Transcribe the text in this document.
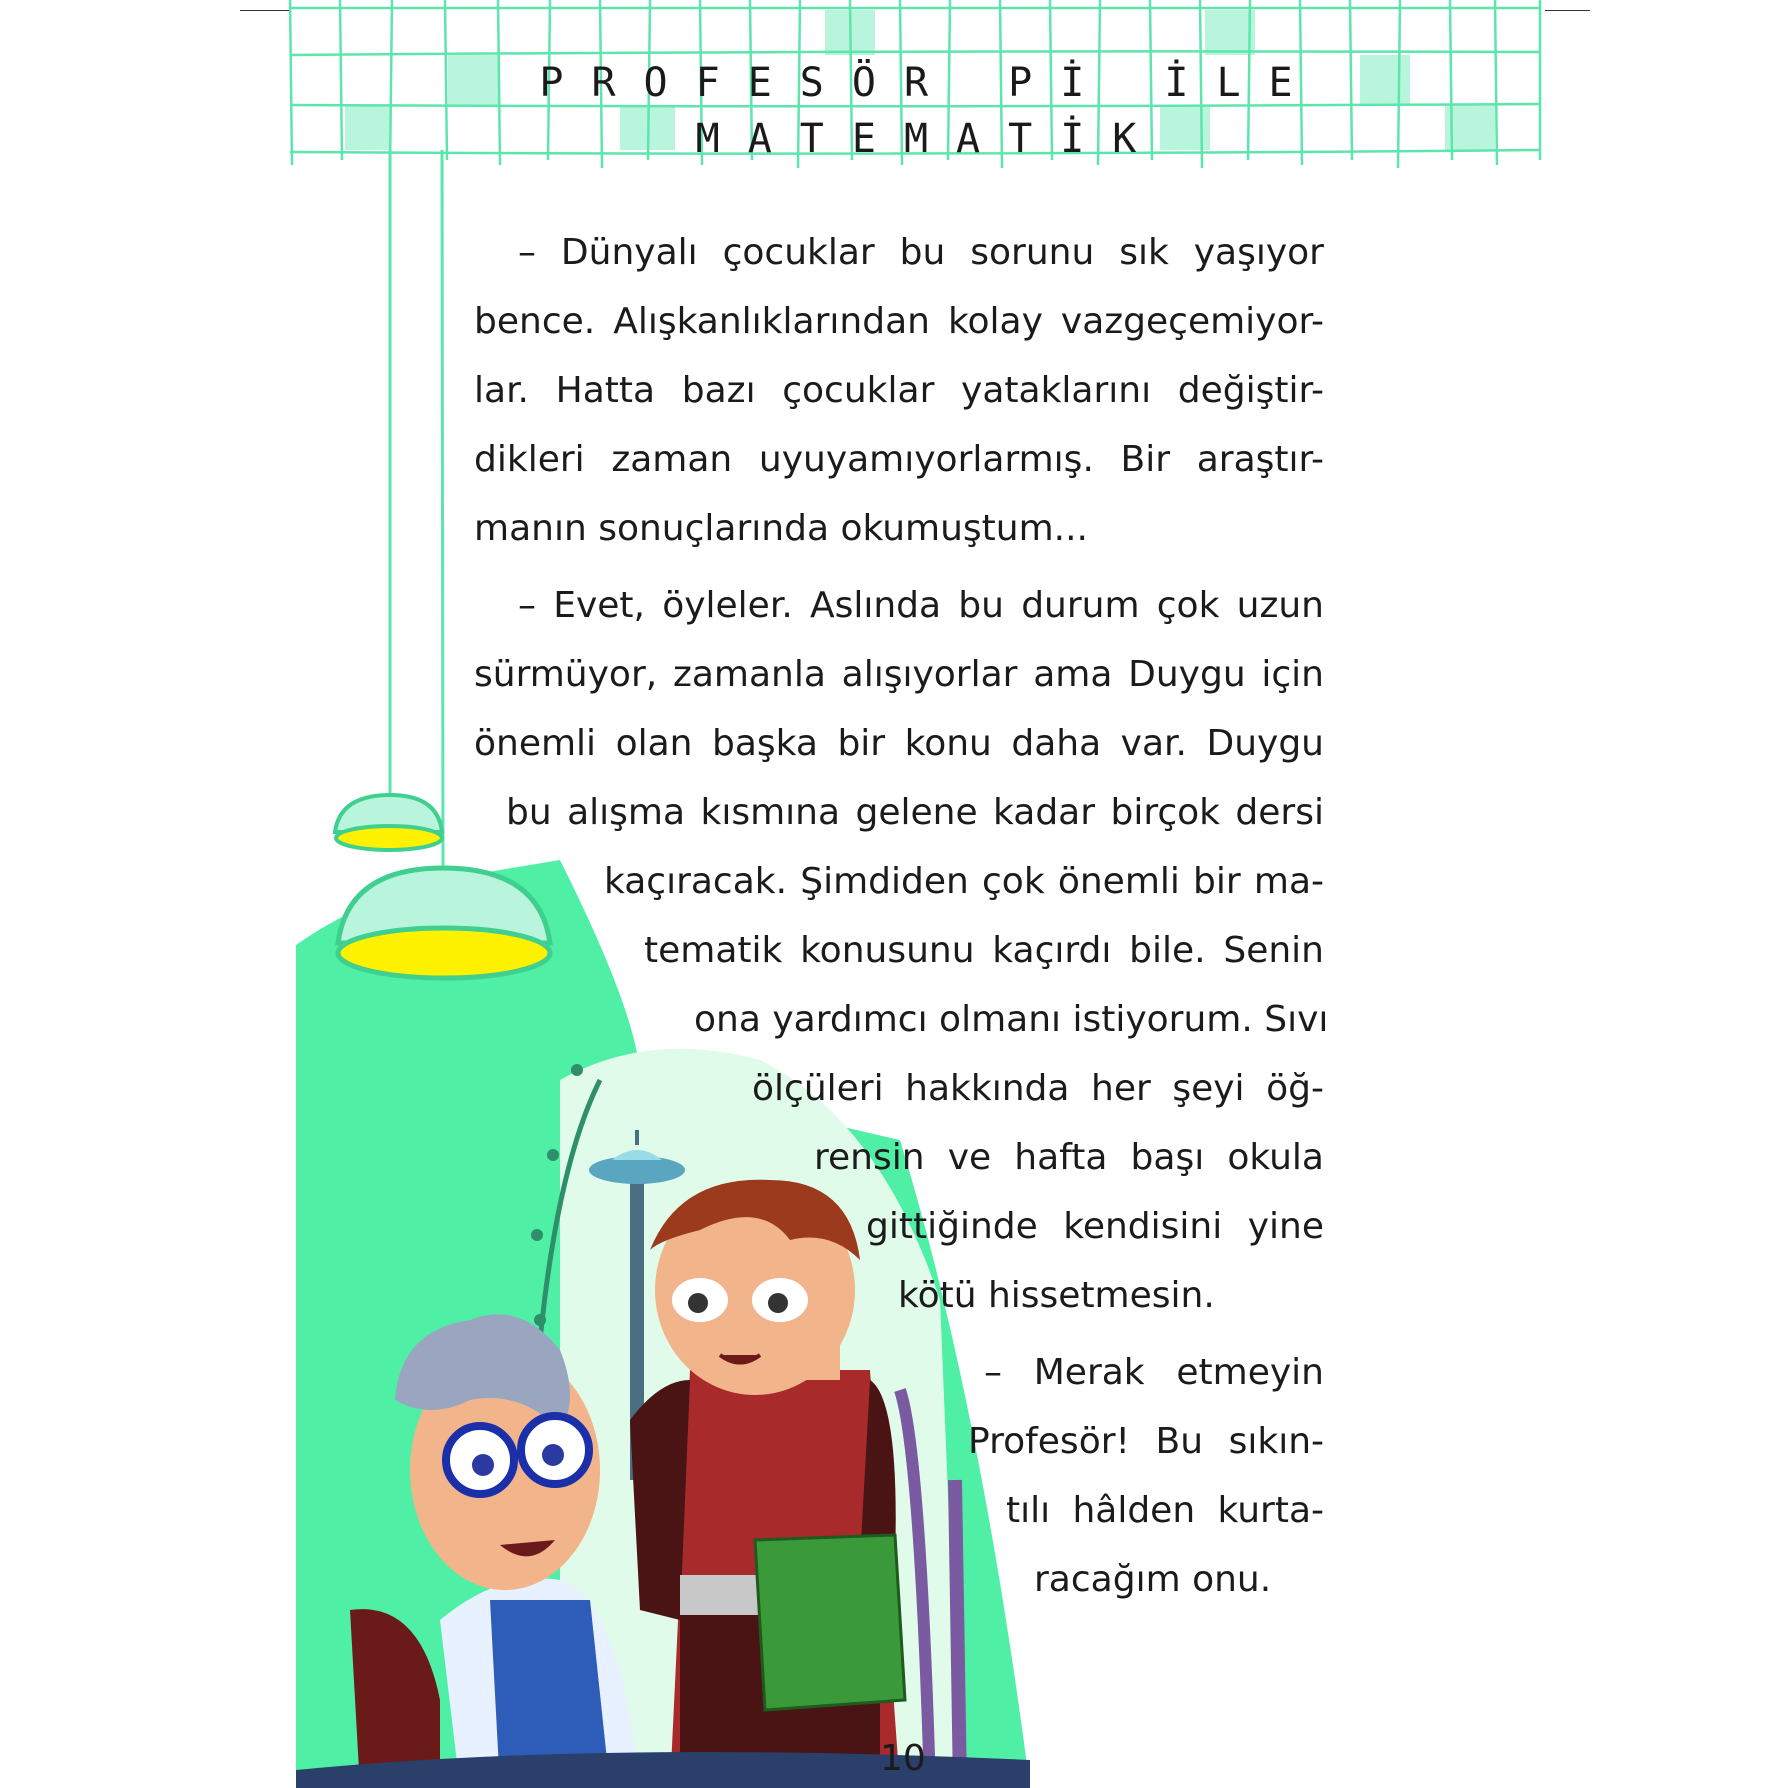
PROFESÖR Pİ İLE
MATEMATİK

– Dünyalı çocuklar bu sorunu sık yaşıyor
bence. Alışkanlıklarından kolay vazgeçemiyor-
lar. Hatta bazı çocuklar yataklarını değiştir-
dikleri zaman uyuyamıyorlarmış. Bir araştır-
manın sonuçlarında okumuştum...

– Evet, öyleler. Aslında bu durum çok uzun
sürmüyor, zamanla alışıyorlar ama Duygu için
önemli olan başka bir konu daha var. Duygu
bu alışma kısmına gelene kadar birçok dersi
kaçıracak. Şimdiden çok önemli bir ma-
tematik konusunu kaçırdı bile. Senin
ona yardımcı olmanı istiyorum. Sıvı
ölçüleri hakkında her şeyi öğ-
rensin ve hafta başı okula
gittiğinde kendisini yine
kötü hissetmesin.

– Merak etmeyin
Profesör! Bu sıkın-
tılı hâlden kurta-
racağım onu.

10
